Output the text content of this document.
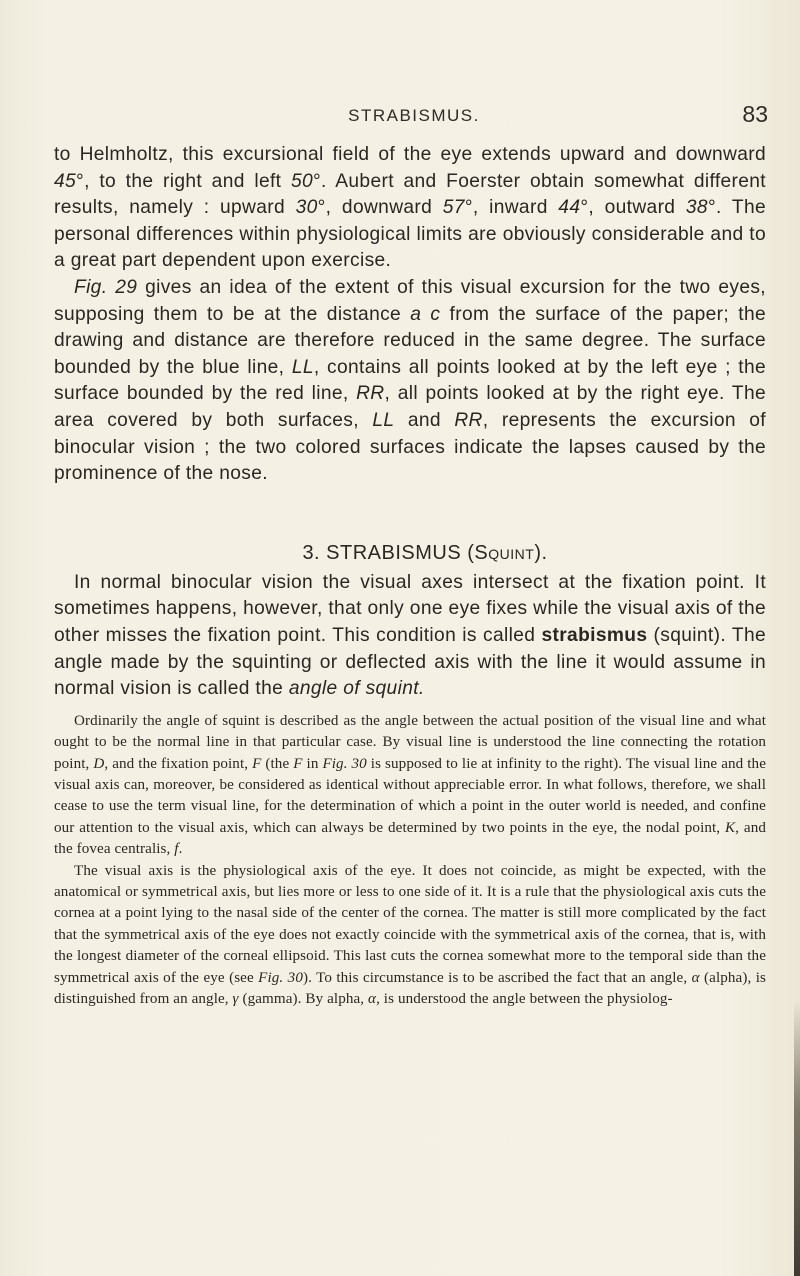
STRABISMUS.	83

to Helmholtz, this excursional field of the eye extends upward and downward 45°, to the right and left 50°. Aubert and Foerster obtain somewhat different results, namely : upward 30°, downward 57°, inward 44°, outward 38°. The personal differences within physiological limits are obviously considerable and to a great part dependent upon exercise.

Fig. 29 gives an idea of the extent of this visual excursion for the two eyes, supposing them to be at the distance a c from the surface of the paper; the drawing and distance are therefore reduced in the same degree. The surface bounded by the blue line, LL, contains all points looked at by the left eye ; the surface bounded by the red line, RR, all points looked at by the right eye. The area covered by both surfaces, LL and RR, represents the excursion of binocular vision ; the two colored surfaces indicate the lapses caused by the prominence of the nose.

3. STRABISMUS (Squint).

In normal binocular vision the visual axes intersect at the fixation point. It sometimes happens, however, that only one eye fixes while the visual axis of the other misses the fixation point. This condition is called strabismus (squint). The angle made by the squinting or deflected axis with the line it would assume in normal vision is called the angle of squint.

Ordinarily the angle of squint is described as the angle between the actual position of the visual line and what ought to be the normal line in that particular case. By visual line is understood the line connecting the rotation point, D, and the fixation point, F (the F in Fig. 30 is supposed to lie at infinity to the right). The visual line and the visual axis can, moreover, be considered as identical without appreciable error. In what follows, therefore, we shall cease to use the term visual line, for the determination of which a point in the outer world is needed, and confine our attention to the visual axis, which can always be determined by two points in the eye, the nodal point, K, and the fovea centralis, f.

The visual axis is the physiological axis of the eye. It does not coincide, as might be expected, with the anatomical or symmetrical axis, but lies more or less to one side of it. It is a rule that the physiological axis cuts the cornea at a point lying to the nasal side of the center of the cornea. The matter is still more complicated by the fact that the symmetrical axis of the eye does not exactly coincide with the symmetrical axis of the cornea, that is, with the longest diameter of the corneal ellipsoid. This last cuts the cornea somewhat more to the temporal side than the symmetrical axis of the eye (see Fig. 30). To this circumstance is to be ascribed the fact that an angle, α (alpha), is distinguished from an angle, γ (gamma). By alpha, α, is understood the angle between the physiolog-
